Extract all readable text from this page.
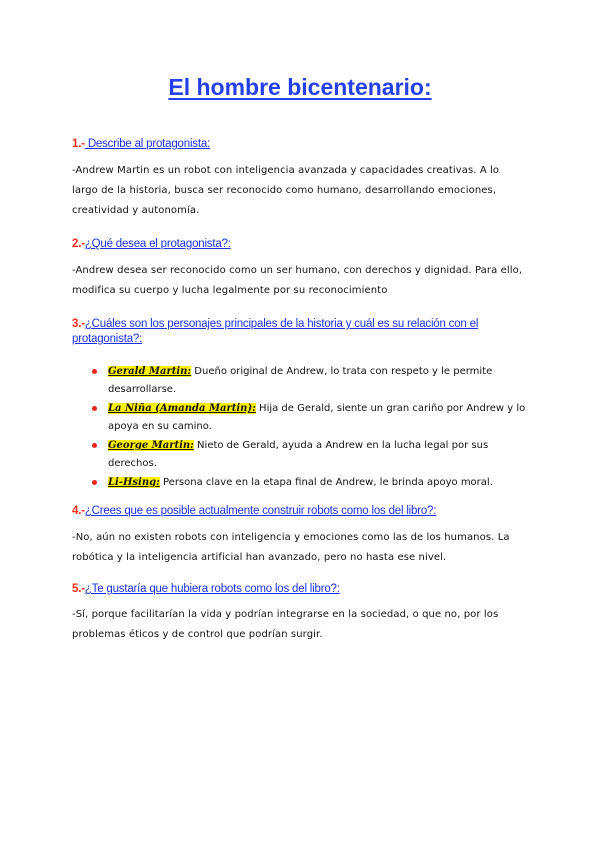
El hombre bicentenario:
1.- Describe al protagonista:
-Andrew Martin es un robot con inteligencia avanzada y capacidades creativas. A lo largo de la historia, busca ser reconocido como humano, desarrollando emociones, creatividad y autonomía.
2.-¿Qué desea el protagonista?:
-Andrew desea ser reconocido como un ser humano, con derechos y dignidad. Para ello, modifica su cuerpo y lucha legalmente por su reconocimiento
3.-¿Cuáles son los personajes principales de la historia y cuál es su relación con el protagonista?:
Gerald Martin: Dueño original de Andrew, lo trata con respeto y le permite desarrollarse.
La Niña (Amanda Martin): Hija de Gerald, siente un gran cariño por Andrew y lo apoya en su camino.
George Martin: Nieto de Gerald, ayuda a Andrew en la lucha legal por sus derechos.
Li-Hsing: Persona clave en la etapa final de Andrew, le brinda apoyo moral.
4.-¿Crees que es posible actualmente construir robots como los del libro?:
-No, aún no existen robots con inteligencia y emociones como las de los humanos. La robótica y la inteligencia artificial han avanzado, pero no hasta ese nivel.
5.-¿Te gustaría que hubiera robots como los del libro?:
-Sí, porque facilitarían la vida y podrían integrarse en la sociedad, o que no, por los problemas éticos y de control que podrían surgir.
